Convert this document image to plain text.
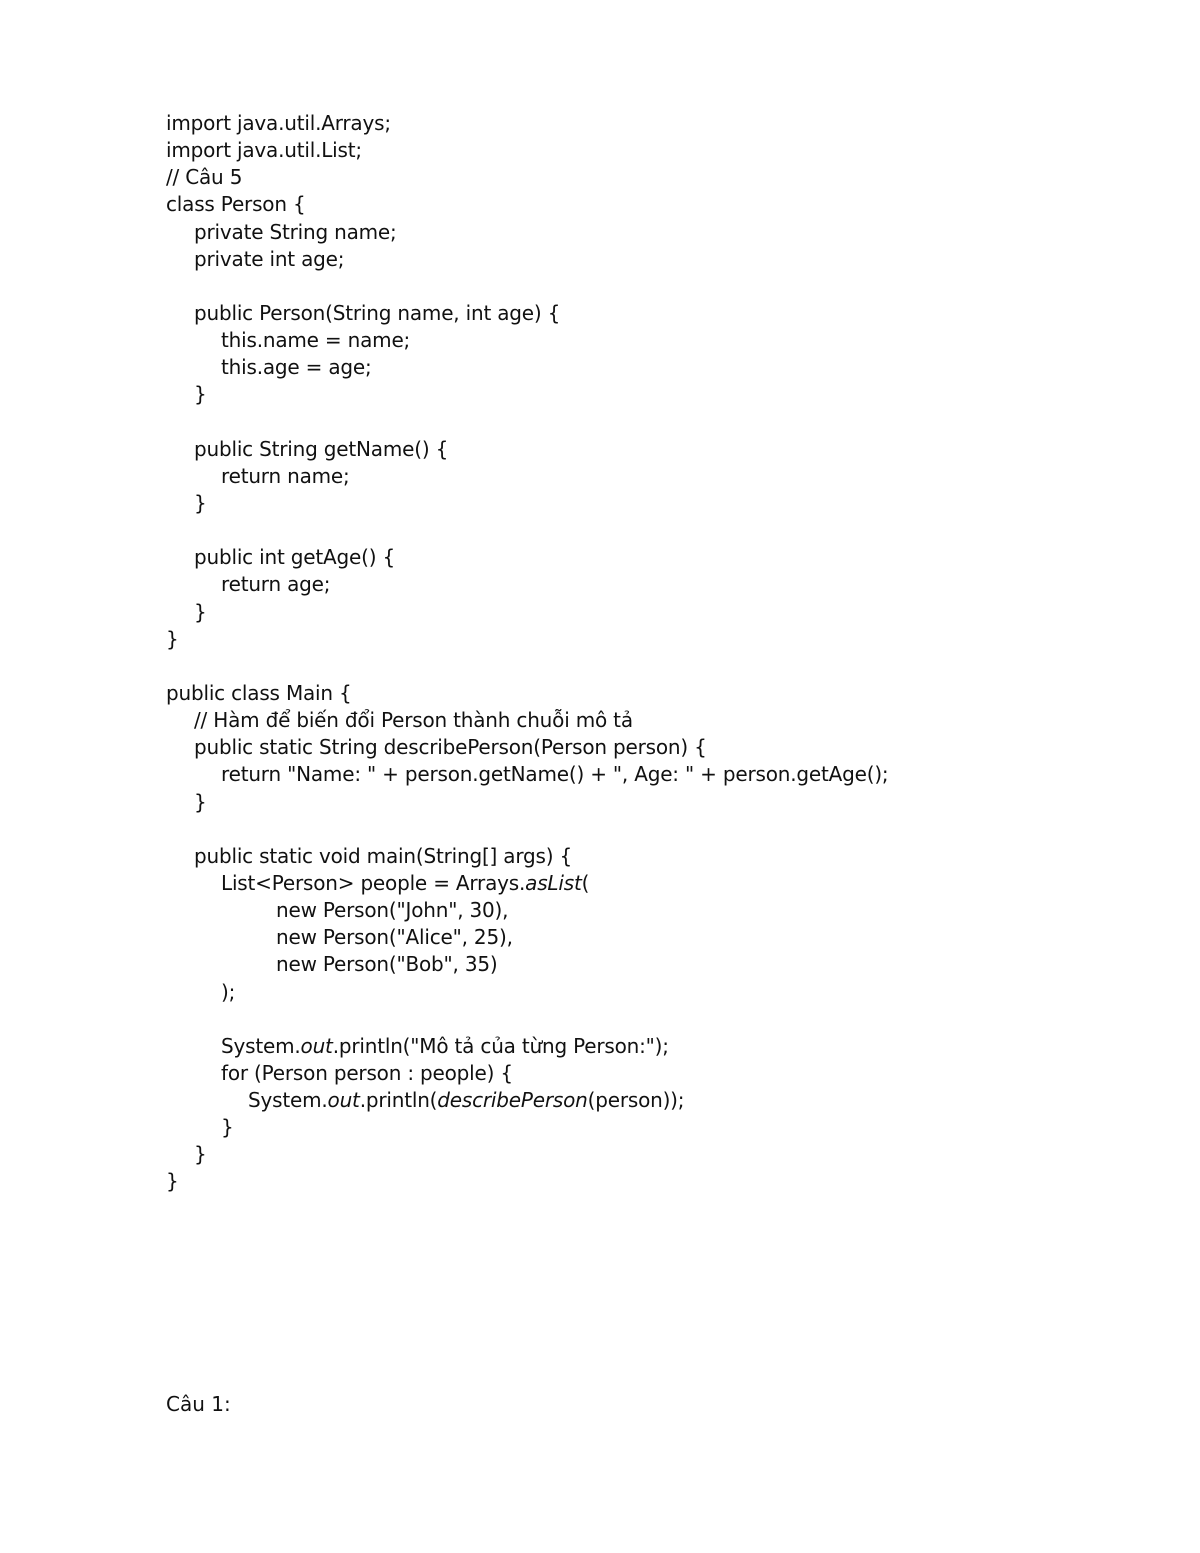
import java.util.Arrays;
import java.util.List;
// Câu 5
class Person {
private String name;
private int age;
public Person(String name, int age) {
this.name = name;
this.age = age;
}
public String getName() {
return name;
}
public int getAge() {
return age;
}
}
public class Main {
// Hàm để biến đổi Person thành chuỗi mô tả
public static String describePerson(Person person) {
return "Name: " + person.getName() + ", Age: " + person.getAge();
}
public static void main(String[] args) {
List<Person> people = Arrays.asList(
new Person("John", 30),
new Person("Alice", 25),
new Person("Bob", 35)
);
System.out.println("Mô tả của từng Person:");
for (Person person : people) {
System.out.println(describePerson(person));
}
}
}
Câu 1:
